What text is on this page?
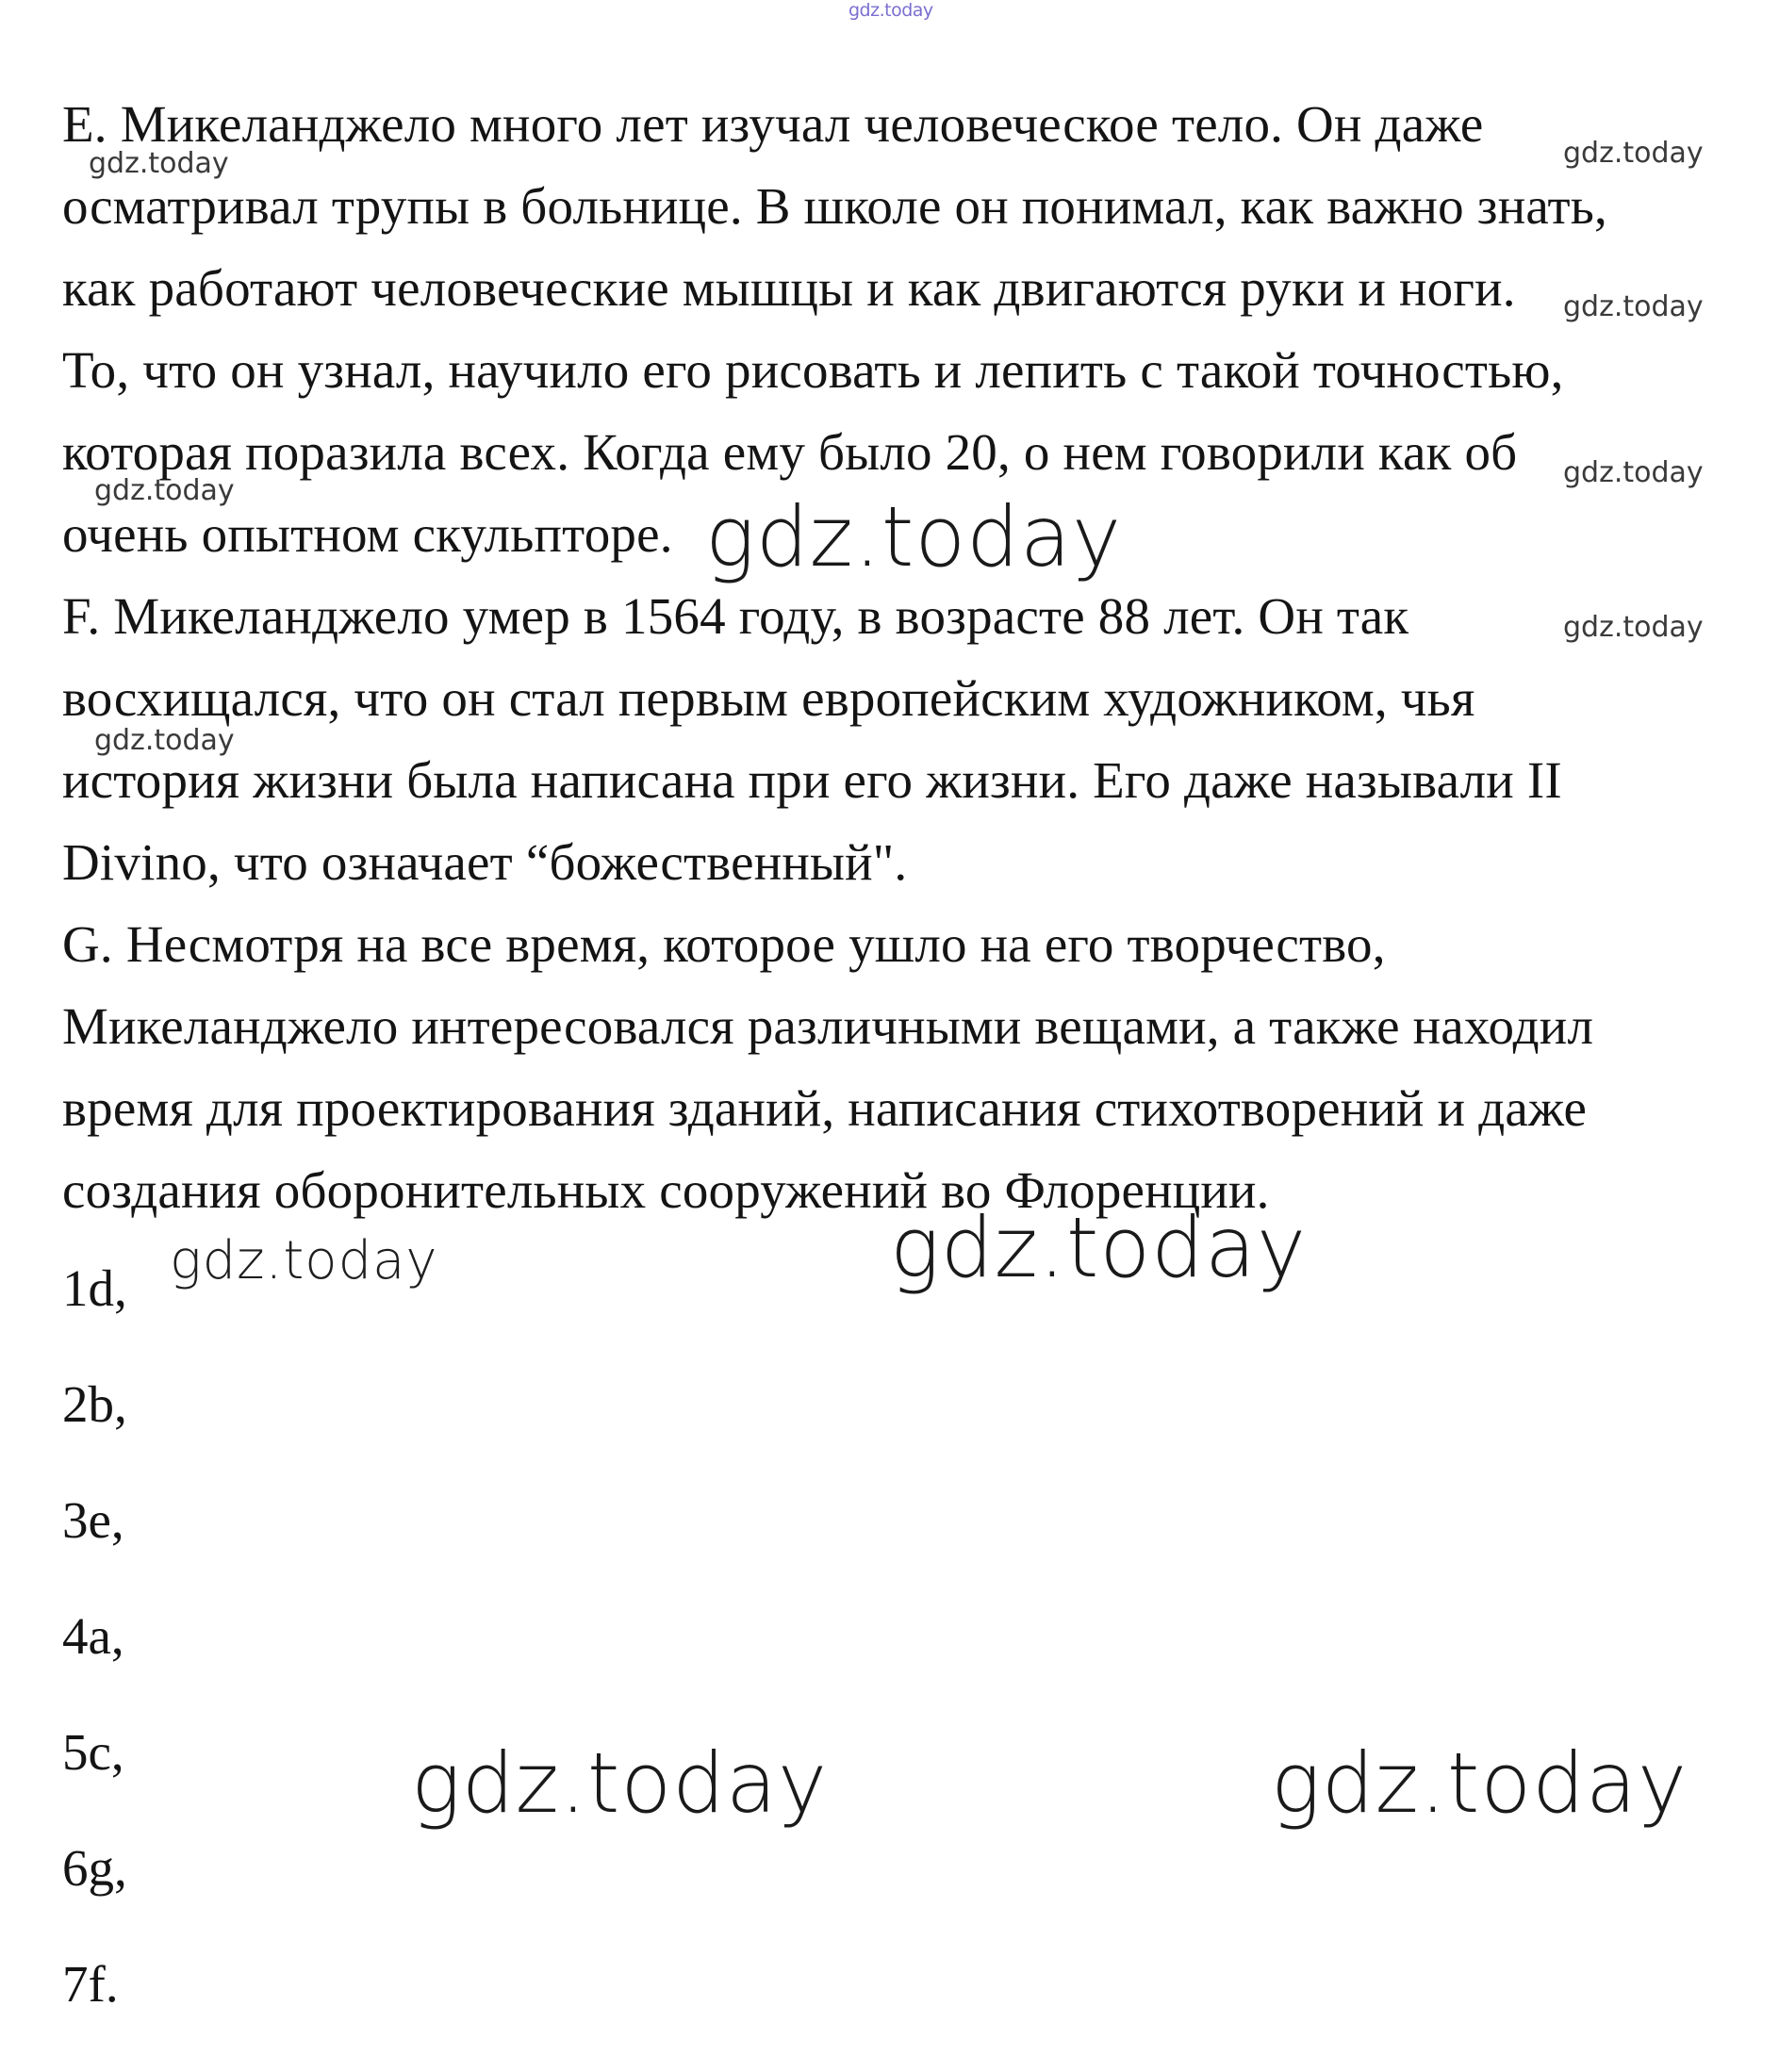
E. Микеланджело много лет изучал человеческое тело. Он даже
осматривал трупы в больнице. В школе он понимал, как важно знать,
как работают человеческие мышцы и как двигаются руки и ноги.
То, что он узнал, научило его рисовать и лепить с такой точностью,
которая поразила всех. Когда ему было 20, о нем говорили как об
очень опытном скульпторе.
F. Микеланджело умер в 1564 году, в возрасте 88 лет. Он так
восхищался, что он стал первым европейским художником, чья
история жизни была написана при его жизни. Его даже называли II
Divino, что означает “божественный".
G. Несмотря на все время, которое ушло на его творчество,
Микеланджело интересовался различными вещами, а также находил
время для проектирования зданий, написания стихотворений и даже
создания оборонительных сооружений во Флоренции.
1d,
2b,
3e,
4a,
5c,
6g,
7f.
gdz.today
gdz.today	gdz.today
gdz.today
gdz.today
gdz.today
gdz.today
gdz.today
gdz.today
gdz.today	gdz.today
gdz.today	gdz.today
